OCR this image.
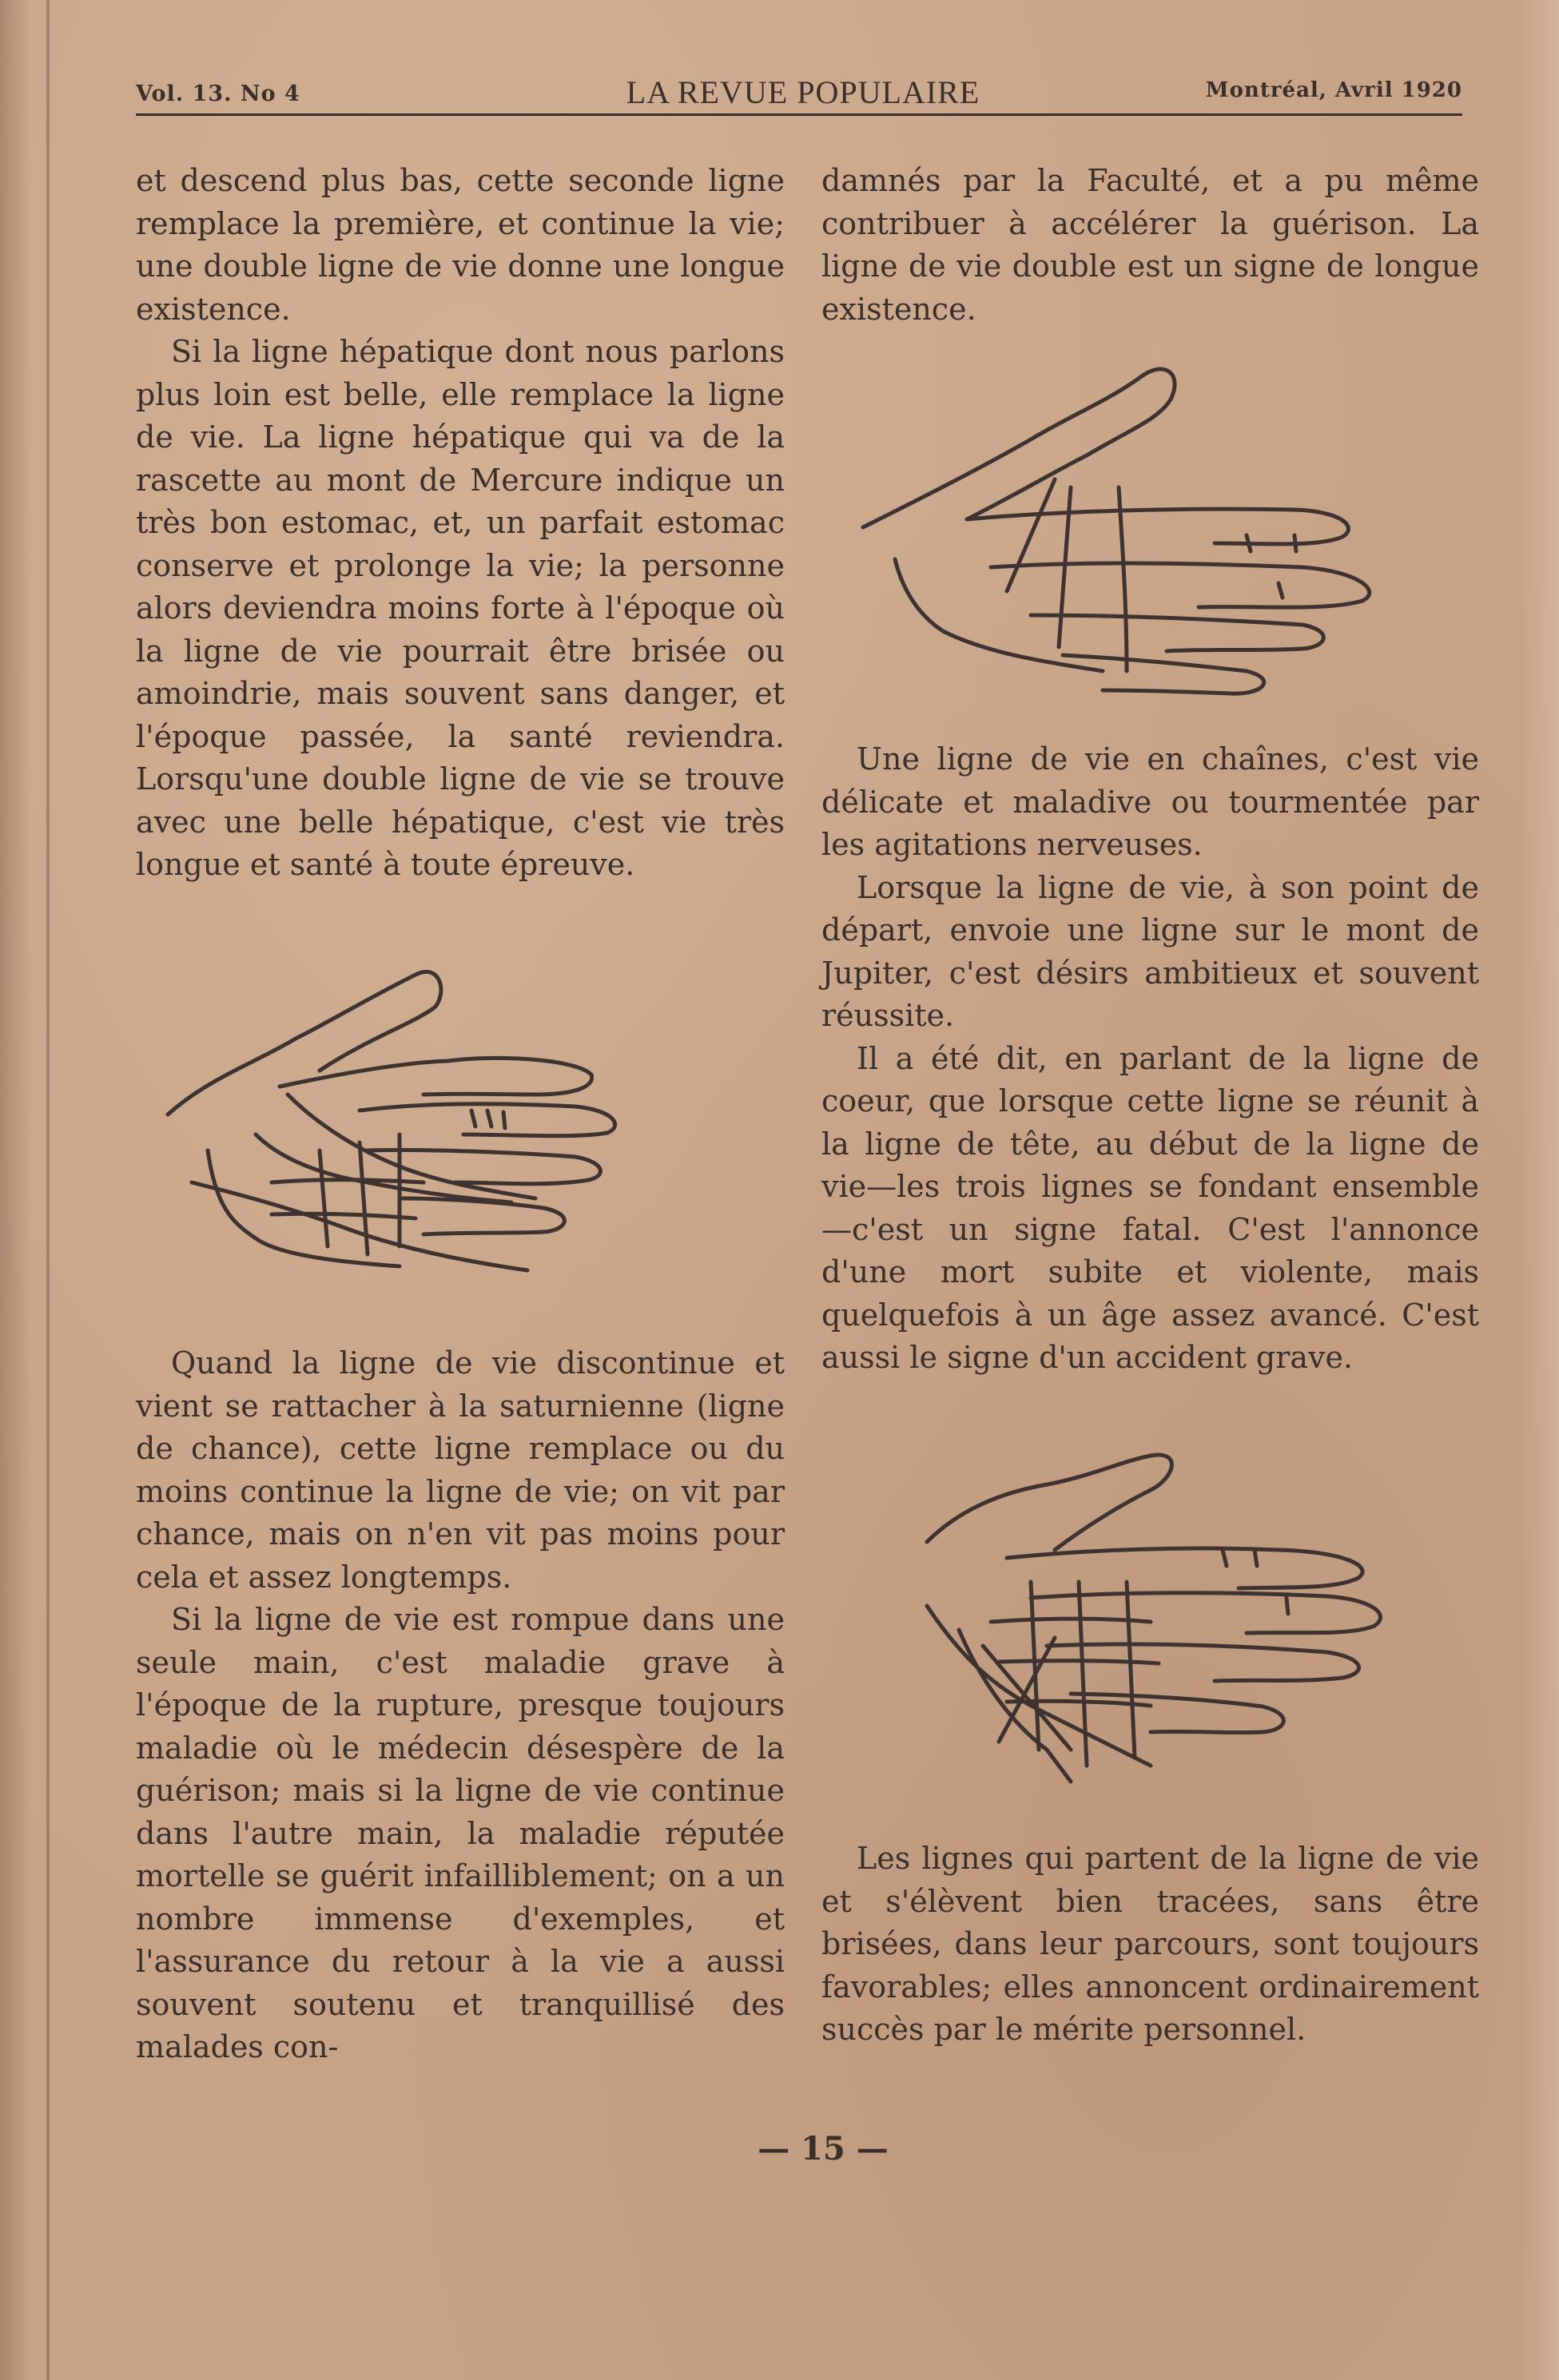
Vol. 13. No 4	LA REVUE POPULAIRE	Montréal, Avril 1920

et descend plus bas, cette seconde ligne remplace la première, et continue la vie; une double ligne de vie donne une longue existence.

Si la ligne hépatique dont nous parlons plus loin est belle, elle remplace la ligne de vie. La ligne hépatique qui va de la rascette au mont de Mercure indique un très bon estomac, et, un parfait estomac conserve et prolonge la vie; la personne alors deviendra moins forte à l'époque où la ligne de vie pourrait être brisée ou amoindrie, mais souvent sans danger, et l'époque passée, la santé reviendra. Lorsqu'une double ligne de vie se trouve avec une belle hépatique, c'est vie très longue et santé à toute épreuve.

Quand la ligne de vie discontinue et vient se rattacher à la saturnienne (ligne de chance), cette ligne remplace ou du moins continue la ligne de vie; on vit par chance, mais on n'en vit pas moins pour cela et assez longtemps.

Si la ligne de vie est rompue dans une seule main, c'est maladie grave à l'époque de la rupture, presque toujours maladie où le médecin désespère de la guérison; mais si la ligne de vie continue dans l'autre main, la maladie réputée mortelle se guérit infailliblement; on a un nombre immense d'exemples, et l'assurance du retour à la vie a aussi souvent soutenu et tranquillisé des malades con-

damnés par la Faculté, et a pu même contribuer à accélérer la guérison. La ligne de vie double est un signe de longue existence.

Une ligne de vie en chaînes, c'est vie délicate et maladive ou tourmentée par les agitations nerveuses.

Lorsque la ligne de vie, à son point de départ, envoie une ligne sur le mont de Jupiter, c'est désirs ambitieux et souvent réussite.

Il a été dit, en parlant de la ligne de coeur, que lorsque cette ligne se réunit à la ligne de tête, au début de la ligne de vie—les trois lignes se fondant ensemble—c'est un signe fatal. C'est l'annonce d'une mort subite et violente, mais quelquefois à un âge assez avancé. C'est aussi le signe d'un accident grave.

Les lignes qui partent de la ligne de vie et s'élèvent bien tracées, sans être brisées, dans leur parcours, sont toujours favorables; elles annoncent ordinairement succès par le mérite personnel.

— 15 —
